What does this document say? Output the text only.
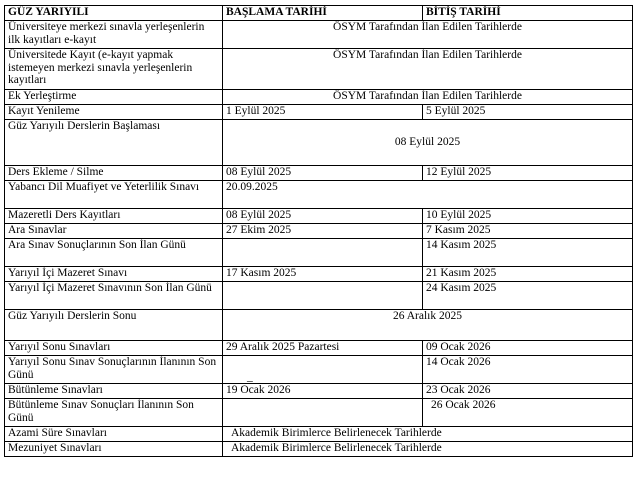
GÜZ YARIYILI	BAŞLAMA TARİHİ	BİTİŞ TARİHİ
Üniversiteye merkezi sınavla yerleşenlerin ilk kayıtları e-kayıt	ÖSYM Tarafından İlan Edilen Tarihlerde	
Üniversitede Kayıt (e-kayıt yapmak istemeyen merkezi sınavla yerleşenlerin kayıtları	ÖSYM Tarafından İlan Edilen Tarihlerde	
Ek Yerleştirme	ÖSYM Tarafından İlan Edilen Tarihlerde	
Kayıt Yenileme	1 Eylül 2025	5 Eylül 2025
Güz Yarıyılı Derslerin Başlaması	08 Eylül 2025	
Ders Ekleme / Silme	08 Eylül 2025	12 Eylül 2025
Yabancı Dil Muafiyet ve Yeterlilik Sınavı	20.09.2025	
Mazeretli Ders Kayıtları	08 Eylül 2025	10 Eylül 2025
Ara Sınavlar	27 Ekim 2025	7 Kasım 2025
Ara Sınav Sonuçlarının Son İlan Günü		14 Kasım 2025
Yarıyıl İçi Mazeret Sınavı	17 Kasım 2025	21 Kasım 2025
Yarıyıl İçi Mazeret Sınavının Son İlan Günü		24 Kasım 2025
Güz Yarıyılı Derslerin Sonu	26 Aralık 2025	
Yarıyıl Sonu Sınavları	29 Aralık 2025 Pazartesi	09 Ocak 2026
Yarıyıl Sonu Sınav Sonuçlarının İlanının Son Günü	_	14 Ocak 2026
Bütünleme Sınavları	19 Ocak 2026	23 Ocak 2026
Bütünleme Sınav Sonuçları İlanının Son Günü		26 Ocak 2026
Azami Süre Sınavları	Akademik Birimlerce Belirlenecek Tarihlerde	
Mezuniyet Sınavları	Akademik Birimlerce Belirlenecek Tarihlerde	
